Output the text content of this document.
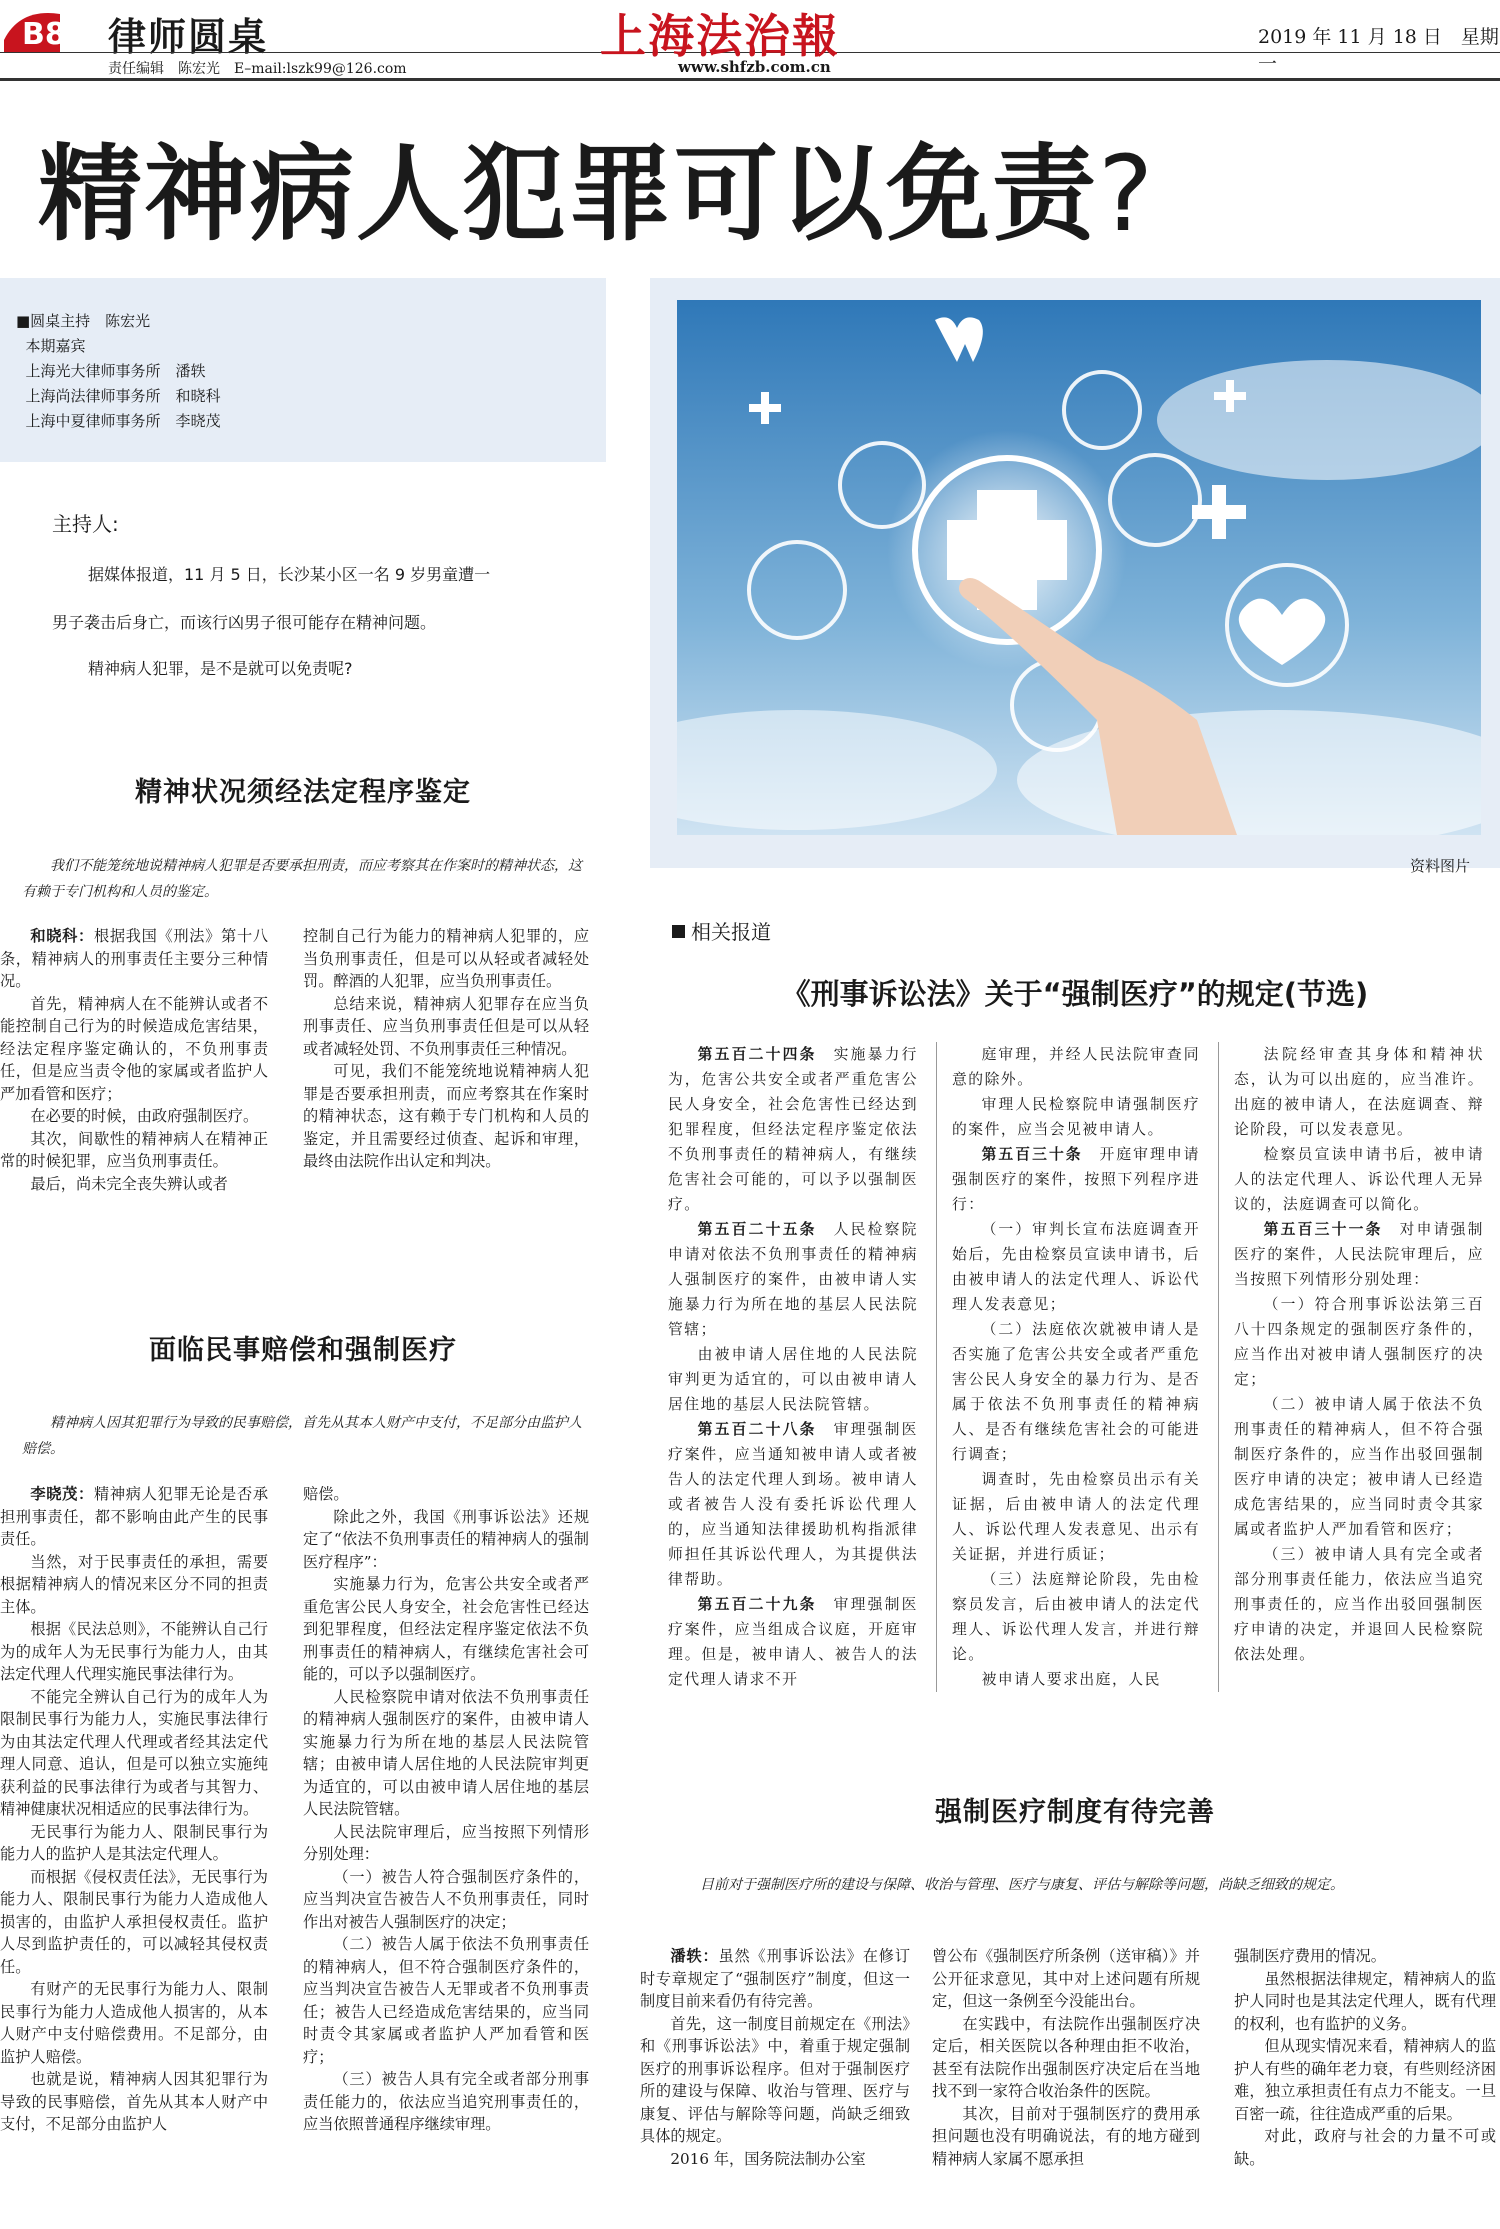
B8 律师圆桌
责任编辑　陈宏光　E–mail:lszk99@126.com
上海法治報
www.shfzb.com.cn
2019 年 11 月 18 日　星期一
精神病人犯罪可以免责?
■圆桌主持　陈宏光
本期嘉宾
上海光大律师事务所　潘轶
上海尚法律师事务所　和晓科
上海中夏律师事务所　李晓茂
主持人:
据媒体报道，11 月 5 日，长沙某小区一名 9 岁男童遭一
男子袭击后身亡，而该行凶男子很可能存在精神问题。
精神病人犯罪，是不是就可以免责呢?
精神状况须经法定程序鉴定
我们不能笼统地说精神病人犯罪是否要承担刑责，而应考察其在作案时的精神状态，这有赖于专门机构和人员的鉴定。

和晓科：根据我国《刑法》第十八条，精神病人的刑事责任主要分三种情况。

首先，精神病人在不能辨认或者不能控制自己行为的时候造成危害结果，经法定程序鉴定确认的，不负刑事责任，但是应当责令他的家属或者监护人严加看管和医疗；

在必要的时候，由政府强制医疗。

其次，间歇性的精神病人在精神正常的时候犯罪，应当负刑事责任。

最后，尚未完全丧失辨认或者

控制自己行为能力的精神病人犯罪的，应当负刑事责任，但是可以从轻或者减轻处罚。醉酒的人犯罪，应当负刑事责任。

总结来说，精神病人犯罪存在应当负刑事责任、应当负刑事责任但是可以从轻或者减轻处罚、不负刑事责任三种情况。

可见，我们不能笼统地说精神病人犯罪是否要承担刑责，而应考察其在作案时的精神状态，这有赖于专门机构和人员的鉴定，并且需要经过侦查、起诉和审理，最终由法院作出认定和判决。

面临民事赔偿和强制医疗
精神病人因其犯罪行为导致的民事赔偿，首先从其本人财产中支付，不足部分由监护人赔偿。

李晓茂：精神病人犯罪无论是否承担刑事责任，都不影响由此产生的民事责任。

当然，对于民事责任的承担，需要根据精神病人的情况来区分不同的担责主体。

根据《民法总则》，不能辨认自己行为的成年人为无民事行为能力人，由其法定代理人代理实施民事法律行为。

不能完全辨认自己行为的成年人为限制民事行为能力人，实施民事法律行为由其法定代理人代理或者经其法定代理人同意、追认，但是可以独立实施纯获利益的民事法律行为或者与其智力、精神健康状况相适应的民事法律行为。

无民事行为能力人、限制民事行为能力人的监护人是其法定代理人。

而根据《侵权责任法》，无民事行为能力人、限制民事行为能力人造成他人损害的，由监护人承担侵权责任。监护人尽到监护责任的，可以减轻其侵权责任。

有财产的无民事行为能力人、限制民事行为能力人造成他人损害的，从本人财产中支付赔偿费用。不足部分，由监护人赔偿。

也就是说，精神病人因其犯罪行为导致的民事赔偿，首先从其本人财产中支付，不足部分由监护人

赔偿。

除此之外，我国《刑事诉讼法》还规定了“依法不负刑事责任的精神病人的强制医疗程序”：

实施暴力行为，危害公共安全或者严重危害公民人身安全，社会危害性已经达到犯罪程度，但经法定程序鉴定依法不负刑事责任的精神病人，有继续危害社会可能的，可以予以强制医疗。

人民检察院申请对依法不负刑事责任的精神病人强制医疗的案件，由被申请人实施暴力行为所在地的基层人民法院管辖；由被申请人居住地的人民法院审判更为适宜的，可以由被申请人居住地的基层人民法院管辖。

人民法院审理后，应当按照下列情形分别处理：

（一）被告人符合强制医疗条件的，应当判决宣告被告人不负刑事责任，同时作出对被告人强制医疗的决定；

（二）被告人属于依法不负刑事责任的精神病人，但不符合强制医疗条件的，应当判决宣告被告人无罪或者不负刑事责任；被告人已经造成危害结果的，应当同时责令其家属或者监护人严加看管和医疗；

（三）被告人具有完全或者部分刑事责任能力的，依法应当追究刑事责任的，应当依照普通程序继续审理。

资料图片
相关报道
《刑事诉讼法》关于“强制医疗”的规定(节选)

第五百二十四条　 实施暴力行为，危害公共安全或者严重危害公民人身安全，社会危害性已经达到犯罪程度，但经法定程序鉴定依法不负刑事责任的精神病人，有继续危害社会可能的，可以予以强制医疗。

第五百二十五条　 人民检察院申请对依法不负刑事责任的精神病人强制医疗的案件，由被申请人实施暴力行为所在地的基层人民法院管辖；

由被申请人居住地的人民法院审判更为适宜的，可以由被申请人居住地的基层人民法院管辖。

第五百二十八条　 审理强制医疗案件，应当通知被申请人或者被告人的法定代理人到场。被申请人或者被告人没有委托诉讼代理人的，应当通知法律援助机构指派律师担任其诉讼代理人，为其提供法律帮助。

第五百二十九条　 审理强制医疗案件，应当组成合议庭，开庭审理。但是，被申请人、被告人的法定代理人请求不开

庭审理，并经人民法院审查同意的除外。

审理人民检察院申请强制医疗的案件，应当会见被申请人。

第五百三十条　 开庭审理申请强制医疗的案件，按照下列程序进行：

（一）审判长宣布法庭调查开始后，先由检察员宣读申请书，后由被申请人的法定代理人、诉讼代理人发表意见；

（二）法庭依次就被申请人是否实施了危害公共安全或者严重危害公民人身安全的暴力行为、是否属于依法不负刑事责任的精神病人、是否有继续危害社会的可能进行调查；

调查时，先由检察员出示有关证据，后由被申请人的法定代理人、诉讼代理人发表意见、出示有关证据，并进行质证；

（三）法庭辩论阶段，先由检察员发言，后由被申请人的法定代理人、诉讼代理人发言，并进行辩论。

被申请人要求出庭，人民

法院经审查其身体和精神状态，认为可以出庭的，应当准许。出庭的被申请人，在法庭调查、辩论阶段，可以发表意见。

检察员宣读申请书后，被申请人的法定代理人、诉讼代理人无异议的，法庭调查可以简化。

第五百三十一条　 对申请强制医疗的案件，人民法院审理后，应当按照下列情形分别处理：

（一）符合刑事诉讼法第三百八十四条规定的强制医疗条件的，应当作出对被申请人强制医疗的决定；

（二）被申请人属于依法不负刑事责任的精神病人，但不符合强制医疗条件的，应当作出驳回强制医疗申请的决定；被申请人已经造成危害结果的，应当同时责令其家属或者监护人严加看管和医疗；

（三）被申请人具有完全或者部分刑事责任能力，依法应当追究刑事责任的，应当作出驳回强制医疗申请的决定，并退回人民检察院依法处理。

强制医疗制度有待完善
目前对于强制医疗所的建设与保障、收治与管理、医疗与康复、评估与解除等问题，尚缺乏细致的规定。

潘轶：虽然《刑事诉讼法》在修订时专章规定了“强制医疗”制度，但这一制度目前来看仍有待完善。

首先，这一制度目前规定在《刑法》和《刑事诉讼法》中，着重于规定强制医疗的刑事诉讼程序。但对于强制医疗所的建设与保障、收治与管理、医疗与康复、评估与解除等问题，尚缺乏细致具体的规定。

2016 年，国务院法制办公室

曾公布《强制医疗所条例（送审稿）》并公开征求意见，其中对上述问题有所规定，但这一条例至今没能出台。

在实践中，有法院作出强制医疗决定后，相关医院以各种理由拒不收治，甚至有法院作出强制医疗决定后在当地找不到一家符合收治条件的医院。

其次，目前对于强制医疗的费用承担问题也没有明确说法，有的地方碰到精神病人家属不愿承担

强制医疗费用的情况。

虽然根据法律规定，精神病人的监护人同时也是其法定代理人，既有代理的权利，也有监护的义务。

但从现实情况来看，精神病人的监护人有些的确年老力衰，有些则经济困难，独立承担责任有点力不能支。一旦百密一疏，往往造成严重的后果。

对此，政府与社会的力量不可或缺。
